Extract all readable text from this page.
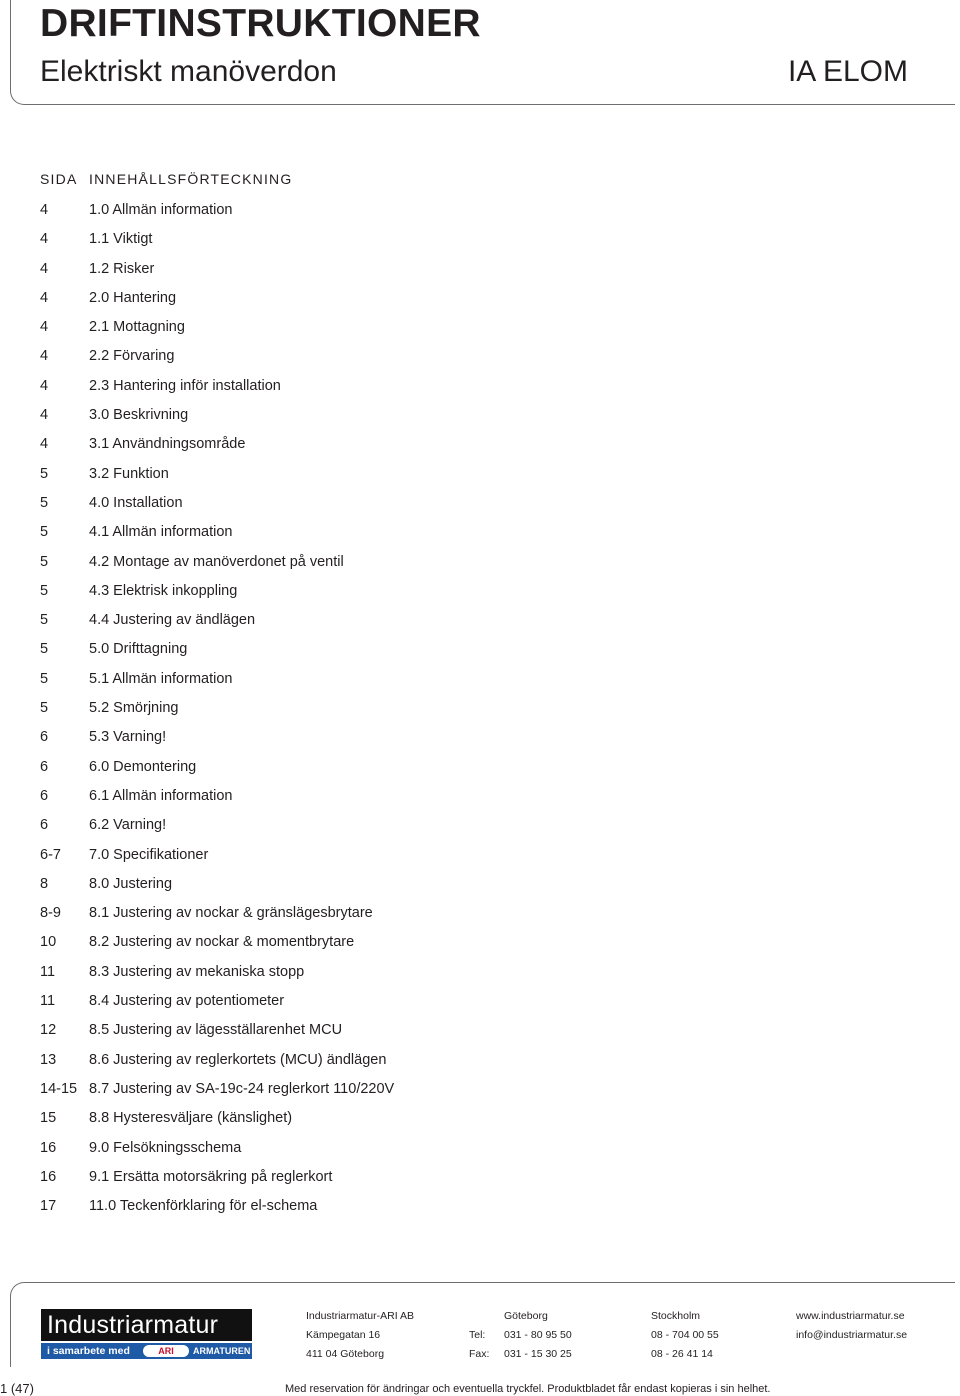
DRIFTINSTRUKTIONER
Elektriskt manöverdon	IA ELOM
SIDA INNEHÅLLSFÖRTECKNING
4	1.0 Allmän information
4	1.1 Viktigt
4	1.2 Risker
4	2.0 Hantering
4	2.1 Mottagning
4	2.2 Förvaring
4	2.3 Hantering inför installation
4	3.0 Beskrivning
4	3.1 Användningsområde
5	3.2 Funktion
5	4.0 Installation
5	4.1 Allmän information
5	4.2 Montage av manöverdonet på ventil
5	4.3 Elektrisk inkoppling
5	4.4 Justering av ändlägen
5	5.0 Drifttagning
5	5.1 Allmän information
5	5.2 Smörjning
6	5.3 Varning!
6	6.0 Demontering
6	6.1 Allmän information
6	6.2 Varning!
6-7	7.0 Specifikationer
8	8.0 Justering
8-9	8.1 Justering av nockar & gränslägesbrytare
10	8.2 Justering av nockar & momentbrytare
11	8.3 Justering av mekaniska stopp
11	8.4 Justering av potentiometer
12	8.5 Justering av lägesställarenhet MCU
13	8.6 Justering av reglerkortets (MCU) ändlägen
14-15 8.7 Justering av SA-19c-24 reglerkort 110/220V
15	8.8 Hysteresväljare (känslighet)
16	9.0 Felsökningsschema
16	9.1 Ersätta motorsäkring på reglerkort
17	11.0 Teckenförklaring för el-schema
Industriarmatur
i samarbete med	ARI	ARMATUREN
Industriarmatur-ARI AB
Kämpegatan 16
411 04 Göteborg
Tel:
Fax:
Göteborg
031 - 80 95 50
031 - 15 30 25
Stockholm
08 - 704 00 55
08 - 26 41 14
www.industriarmatur.se
info@industriarmatur.se
1 (47)	Med reservation för ändringar och eventuella tryckfel. Produktbladet får endast kopieras i sin helhet.
